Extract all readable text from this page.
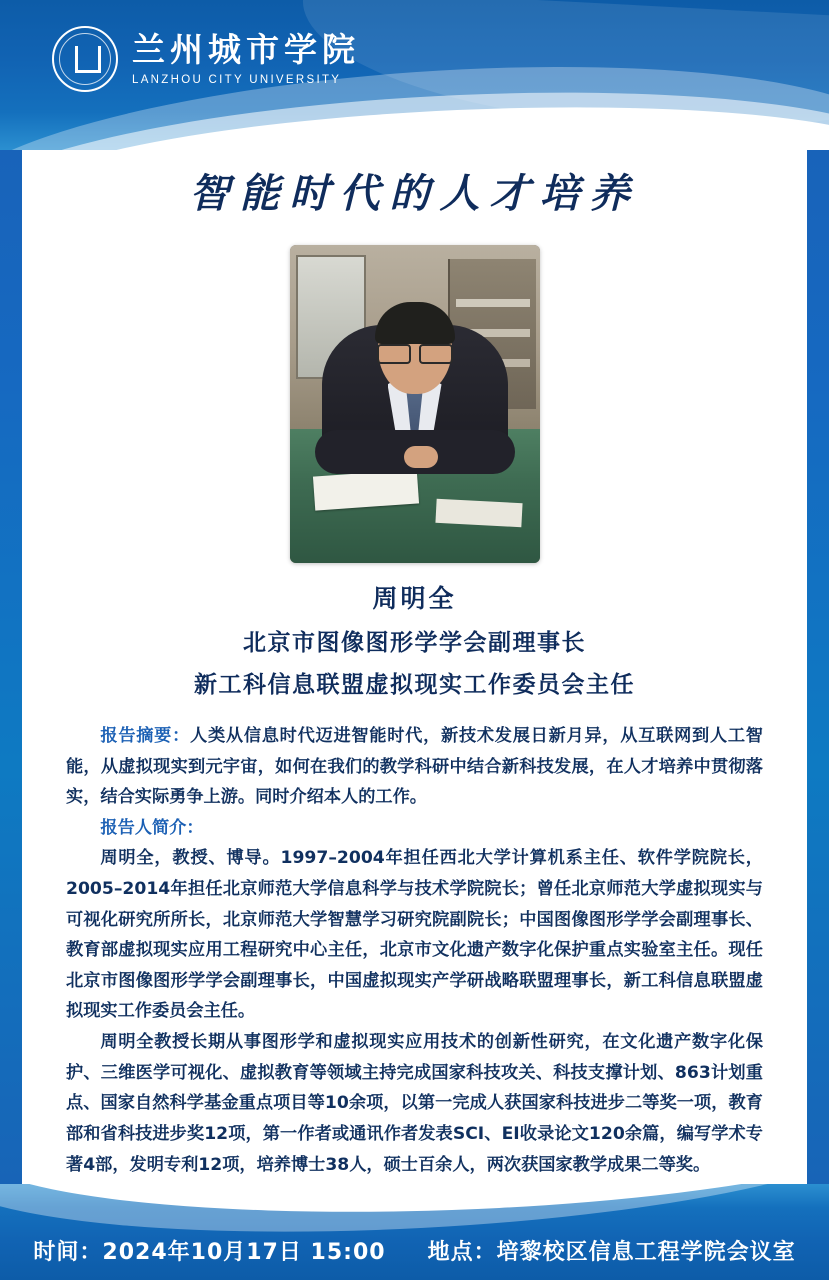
兰州城市学院
LANZHOU CITY UNIVERSITY
智能时代的人才培养
周明全
北京市图像图形学学会副理事长
新工科信息联盟虚拟现实工作委员会主任

报告摘要：人类从信息时代迈进智能时代，新技术发展日新月异，从互联网到人工智能，从虚拟现实到元宇宙，如何在我们的教学科研中结合新科技发展，在人才培养中贯彻落实，结合实际勇争上游。同时介绍本人的工作。

报告人简介：

周明全，教授、博导。1997–2004年担任西北大学计算机系主任、软件学院院长，2005–2014年担任北京师范大学信息科学与技术学院院长；曾任北京师范大学虚拟现实与可视化研究所所长，北京师范大学智慧学习研究院副院长；中国图像图形学学会副理事长、教育部虚拟现实应用工程研究中心主任，北京市文化遗产数字化保护重点实验室主任。现任北京市图像图形学学会副理事长，中国虚拟现实产学研战略联盟理事长，新工科信息联盟虚拟现实工作委员会主任。

周明全教授长期从事图形学和虚拟现实应用技术的创新性研究，在文化遗产数字化保护、三维医学可视化、虚拟教育等领域主持完成国家科技攻关、科技支撑计划、863计划重点、国家自然科学基金重点项目等10余项，以第一完成人获国家科技进步二等奖一项，教育部和省科技进步奖12项，第一作者或通讯作者发表SCI、EI收录论文120余篇，编写学术专著4部，发明专利12项，培养博士38人，硕士百余人，两次获国家教学成果二等奖。

时间：2024年10月17日 15:00 地点：培黎校区信息工程学院会议室
